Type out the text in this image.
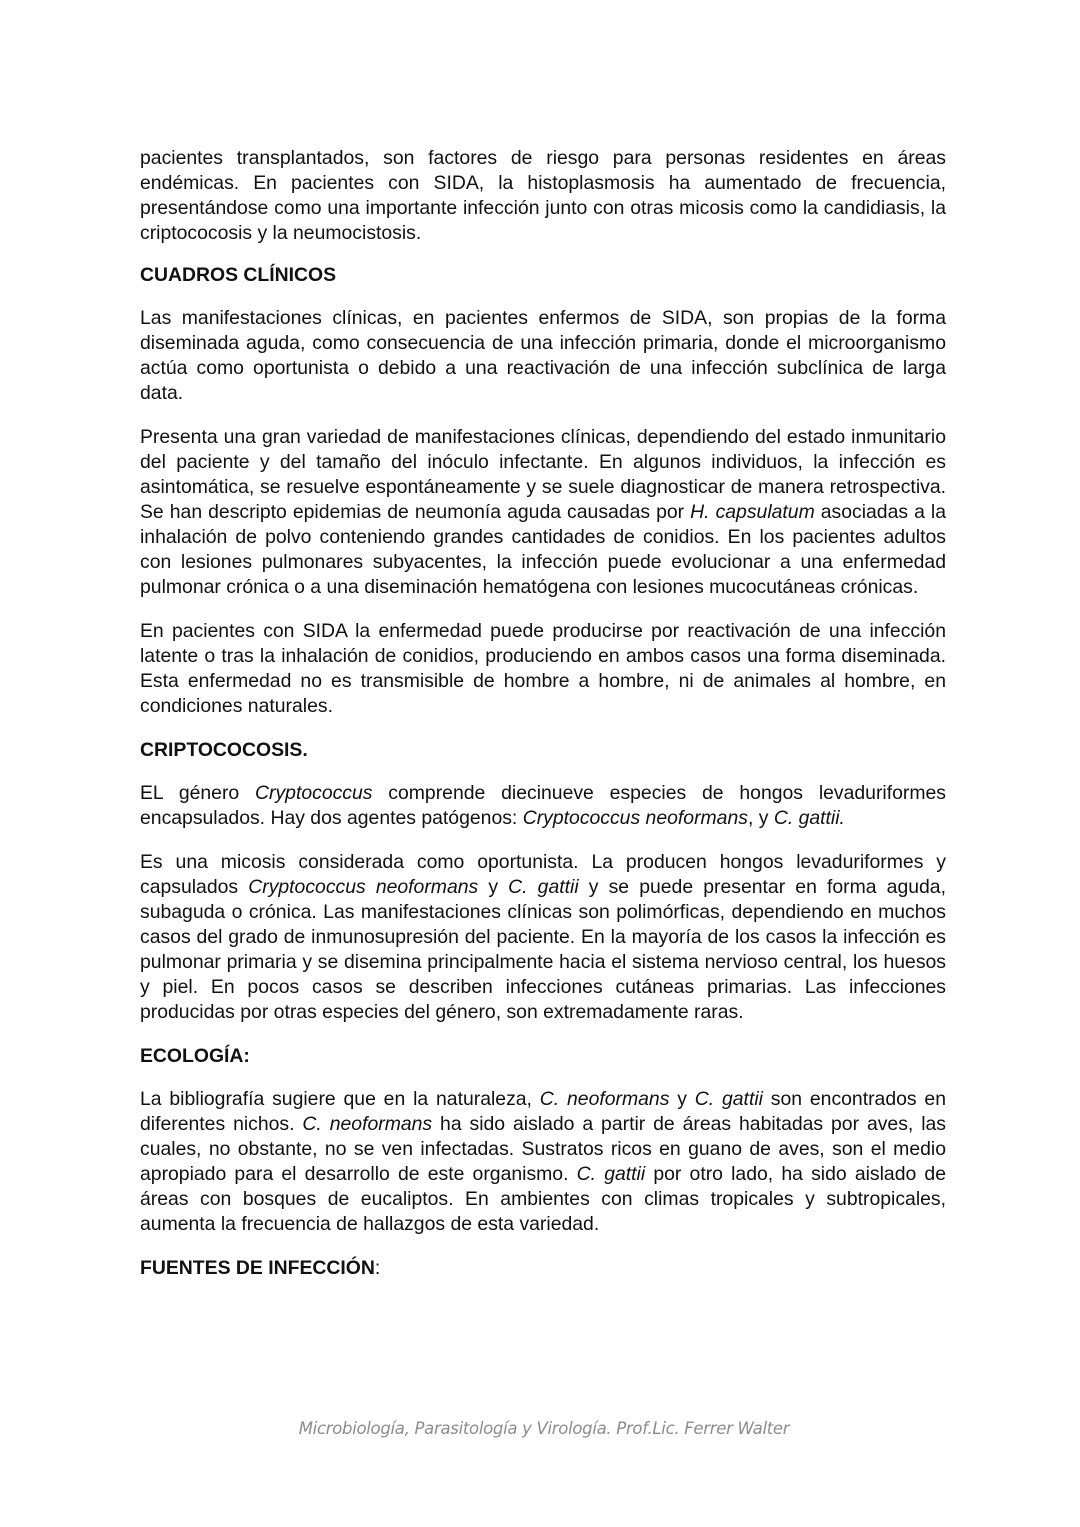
pacientes transplantados, son factores de riesgo para personas residentes en áreas endémicas. En pacientes con SIDA, la histoplasmosis ha aumentado de frecuencia, presentándose como una importante infección junto con otras micosis como la candidiasis, la criptococosis y la neumocistosis.

CUADROS CLÍNICOS

Las manifestaciones clínicas, en pacientes enfermos de SIDA, son propias de la forma diseminada aguda, como consecuencia de una infección primaria, donde el microorganismo actúa como oportunista o debido a una reactivación de una infección subclínica de larga data.

Presenta una gran variedad de manifestaciones clínicas, dependiendo del estado inmunitario del paciente y del tamaño del inóculo infectante. En algunos individuos, la infección es asintomática, se resuelve espontáneamente y se suele diagnosticar de manera retrospectiva. Se han descripto epidemias de neumonía aguda causadas por H. capsulatum asociadas a la inhalación de polvo conteniendo grandes cantidades de conidios. En los pacientes adultos con lesiones pulmonares subyacentes, la infección puede evolucionar a una enfermedad pulmonar crónica o a una diseminación hematógena con lesiones mucocutáneas crónicas.

En pacientes con SIDA la enfermedad puede producirse por reactivación de una infección latente o tras la inhalación de conidios, produciendo en ambos casos una forma diseminada. Esta enfermedad no es transmisible de hombre a hombre, ni de animales al hombre, en condiciones naturales.

CRIPTOCOCOSIS.

EL género Cryptococcus comprende diecinueve especies de hongos levaduriformes encapsulados. Hay dos agentes patógenos: Cryptococcus neoformans, y C. gattii.

Es una micosis considerada como oportunista. La producen hongos levaduriformes y capsulados Cryptococcus neoformans y C. gattii y se puede presentar en forma aguda, subaguda o crónica. Las manifestaciones clínicas son polimórficas, dependiendo en muchos casos del grado de inmunosupresión del paciente. En la mayoría de los casos la infección es pulmonar primaria y se disemina principalmente hacia el sistema nervioso central, los huesos y piel. En pocos casos se describen infecciones cutáneas primarias. Las infecciones producidas por otras especies del género, son extremadamente raras.

ECOLOGÍA:

La bibliografía sugiere que en la naturaleza, C. neoformans y C. gattii son encontrados en diferentes nichos. C. neoformans ha sido aislado a partir de áreas habitadas por aves, las cuales, no obstante, no se ven infectadas. Sustratos ricos en guano de aves, son el medio apropiado para el desarrollo de este organismo. C. gattii por otro lado, ha sido aislado de áreas con bosques de eucaliptos. En ambientes con climas tropicales y subtropicales, aumenta la frecuencia de hallazgos de esta variedad.

FUENTES DE INFECCIÓN:
Microbiología, Parasitología y Virología. Prof.Lic. Ferrer Walter
